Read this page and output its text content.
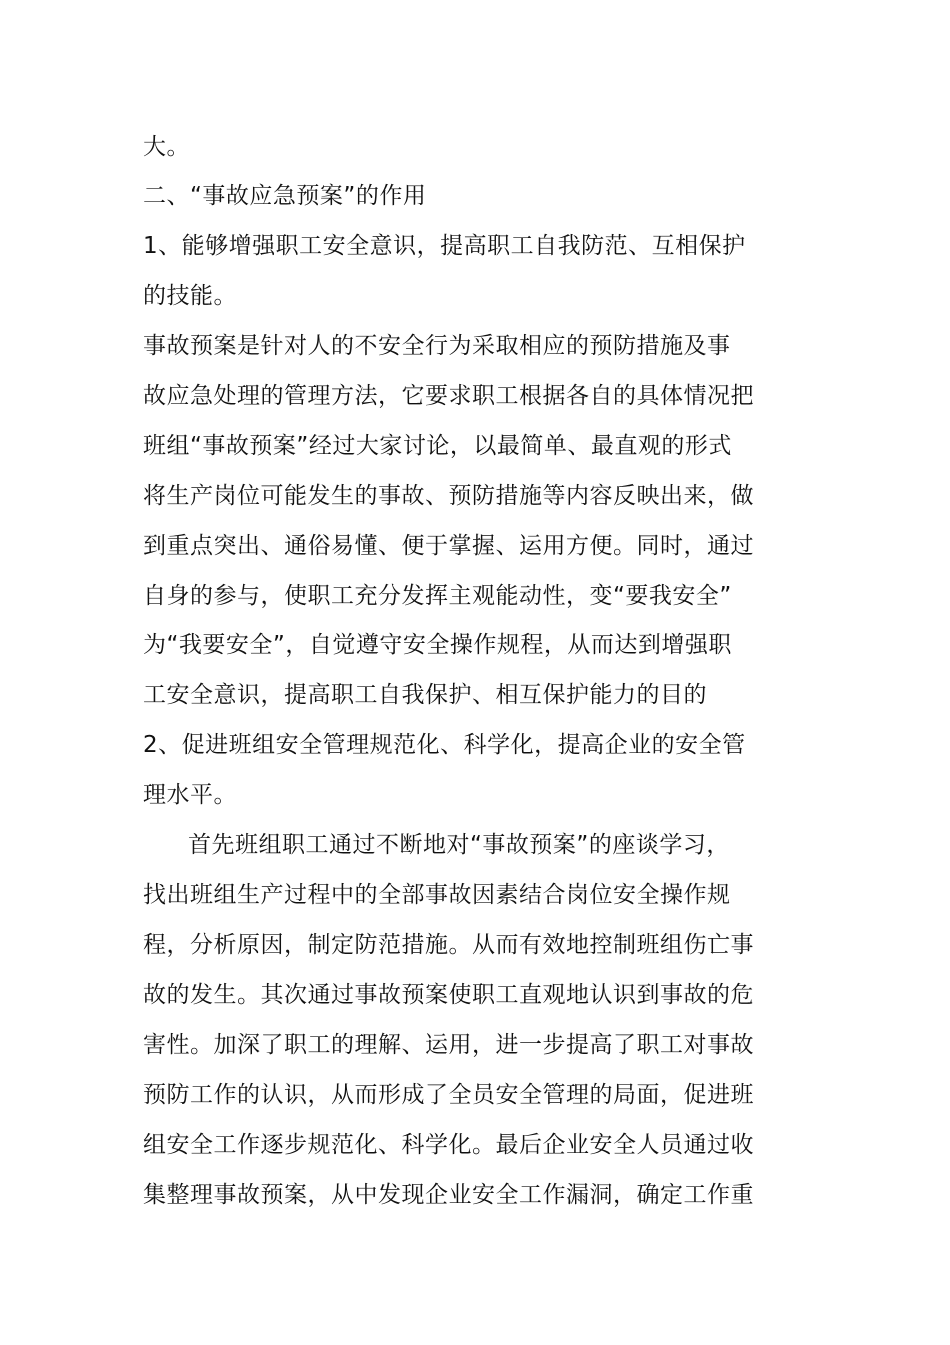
大。
二、“事故应急预案”的作用
1、能够增强职工安全意识，提高职工自我防范、互相保护
的技能。
事故预案是针对人的不安全行为采取相应的预防措施及事
故应急处理的管理方法，它要求职工根据各自的具体情况把
班组“事故预案”经过大家讨论，以最简单、最直观的形式
将生产岗位可能发生的事故、预防措施等内容反映出来，做
到重点突出、通俗易懂、便于掌握、运用方便。同时，通过
自身的参与，使职工充分发挥主观能动性，变“要我安全”
为“我要安全”，自觉遵守安全操作规程，从而达到增强职
工安全意识，提高职工自我保护、相互保护能力的目的
2、促进班组安全管理规范化、科学化，提高企业的安全管
理水平。
首先班组职工通过不断地对“事故预案”的座谈学习，
找出班组生产过程中的全部事故因素结合岗位安全操作规
程，分析原因，制定防范措施。从而有效地控制班组伤亡事
故的发生。其次通过事故预案使职工直观地认识到事故的危
害性。加深了职工的理解、运用，进一步提高了职工对事故
预防工作的认识，从而形成了全员安全管理的局面，促进班
组安全工作逐步规范化、科学化。最后企业安全人员通过收
集整理事故预案，从中发现企业安全工作漏洞，确定工作重
